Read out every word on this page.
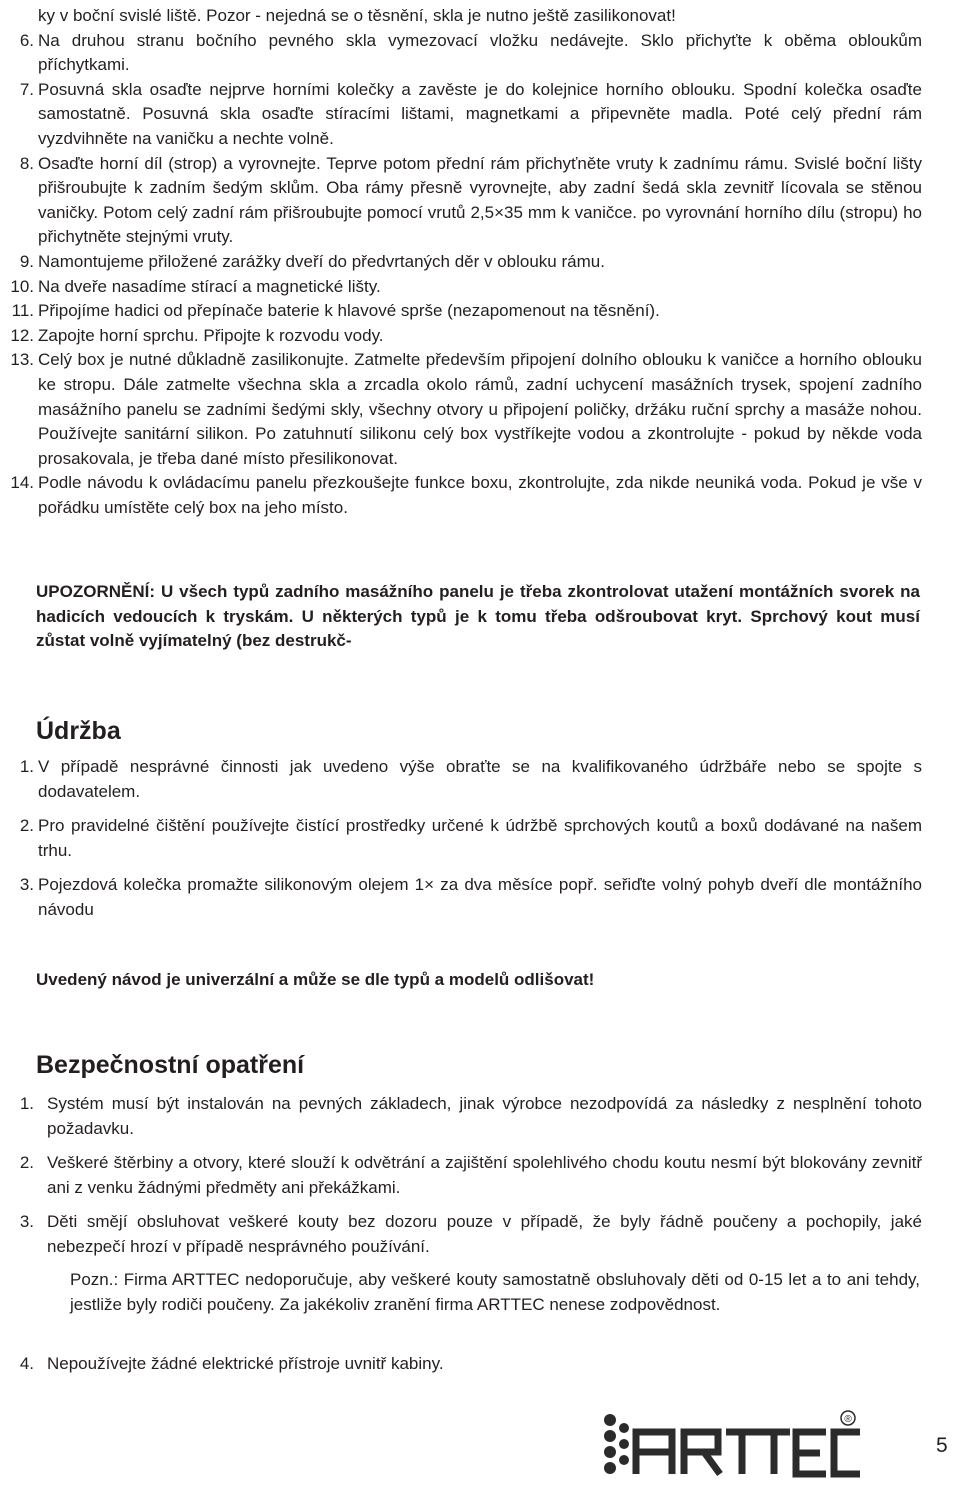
ky v boční svislé liště. Pozor - nejedná se o těsnění, skla je nutno ještě zasilikonovat!
6. Na druhou stranu bočního pevného skla vymezovací vložku nedávejte. Sklo přichyťte k oběma obloukům příchytkami.
7. Posuvná skla osaďte nejprve horními kolečky a zavěste je do kolejnice horního oblouku. Spodní kolečka osaďte samostatně. Posuvná skla osaďte stíracími lištami, magnetkami a připevněte madla. Poté celý přední rám vyzdvihněte na vaničku a nechte volně.
8. Osaďte horní díl (strop) a vyrovnejte. Teprve potom přední rám přichyťněte vruty k zadnímu rámu. Svislé boční lišty přišroubujte k zadním šedým sklům. Oba rámy přesně vyrovnejte, aby zadní šedá skla zevnitř lícovala se stěnou vaničky. Potom celý zadní rám přišroubujte pomocí vrutů 2,5×35 mm k vaničce. po vyrovnání horního dílu (stropu) ho přichytněte stejnými vruty.
9. Namontujeme přiložené zarážky dveří do předvrtaných děr v oblouku rámu.
10. Na dveře nasadíme stírací a magnetické lišty.
11. Připojíme hadici od přepínače baterie k hlavové sprše (nezapomenout na těsnění).
12. Zapojte horní sprchu. Připojte k rozvodu vody.
13. Celý box je nutné důkladně zasilikonujte. Zatmelte především připojení dolního oblouku k vaničce a horního oblouku ke stropu. Dále zatmelte všechna skla a zrcadla okolo rámů, zadní uchycení masážních trysek, spojení zadního masážního panelu se zadními šedými skly, všechny otvory u připojení poličky, držáku ruční sprchy a masáže nohou. Používejte sanitární silikon. Po zatuhnutí silikonu celý box vystříkejte vodou a zkontrolujte - pokud by někde voda prosakovala, je třeba dané místo přesilikonovat.
14. Podle návodu k ovládacímu panelu přezkoušejte funkce boxu, zkontrolujte, zda nikde neuniká voda. Pokud je vše v pořádku umístěte celý box na jeho místo.
UPOZORNĚNÍ: U všech typů zadního masážního panelu je třeba zkontrolovat utažení montážních svorek na hadicích vedoucích k tryskám. U některých typů je k tomu třeba odšroubovat kryt. Sprchový kout musí zůstat volně vyjímatelný (bez destrukč-
Údržba
1. V případě nesprávné činnosti jak uvedeno výše obraťte se na kvalifikovaného údržbáře nebo se spojte s dodavatelem.
2. Pro pravidelné čištění používejte čistící prostředky určené k údržbě sprchových koutů a boxů dodávané na našem trhu.
3. Pojezdová kolečka promažte silikonovým olejem 1× za dva měsíce popř. seřiďte volný pohyb dveří dle montážního návodu
Uvedený návod je univerzální a může se dle typů a modelů odlišovat!
Bezpečnostní opatření
1. Systém musí být instalován na pevných základech, jinak výrobce nezodpovídá za následky z nesplnění tohoto požadavku.
2. Veškeré štěrbiny a otvory, které slouží k odvětrání a zajištění spolehlivého chodu koutu nesmí být blokovány zevnitř ani z venku žádnými předměty ani překážkami.
3. Děti smějí obsluhovat veškeré kouty bez dozoru pouze v případě, že byly řádně poučeny a pochopily, jaké nebezpečí hrozí v případě nesprávného používání.
Pozn.: Firma ARTTEC nedoporučuje, aby veškeré kouty samostatně obsluhovaly děti od 0-15 let a to ani tehdy, jestliže byly rodiči poučeny. Za jakékoliv zranění firma ARTTEC nenese zodpovědnost.
4. Nepoužívejte žádné elektrické přístroje uvnitř kabiny.
®
5
